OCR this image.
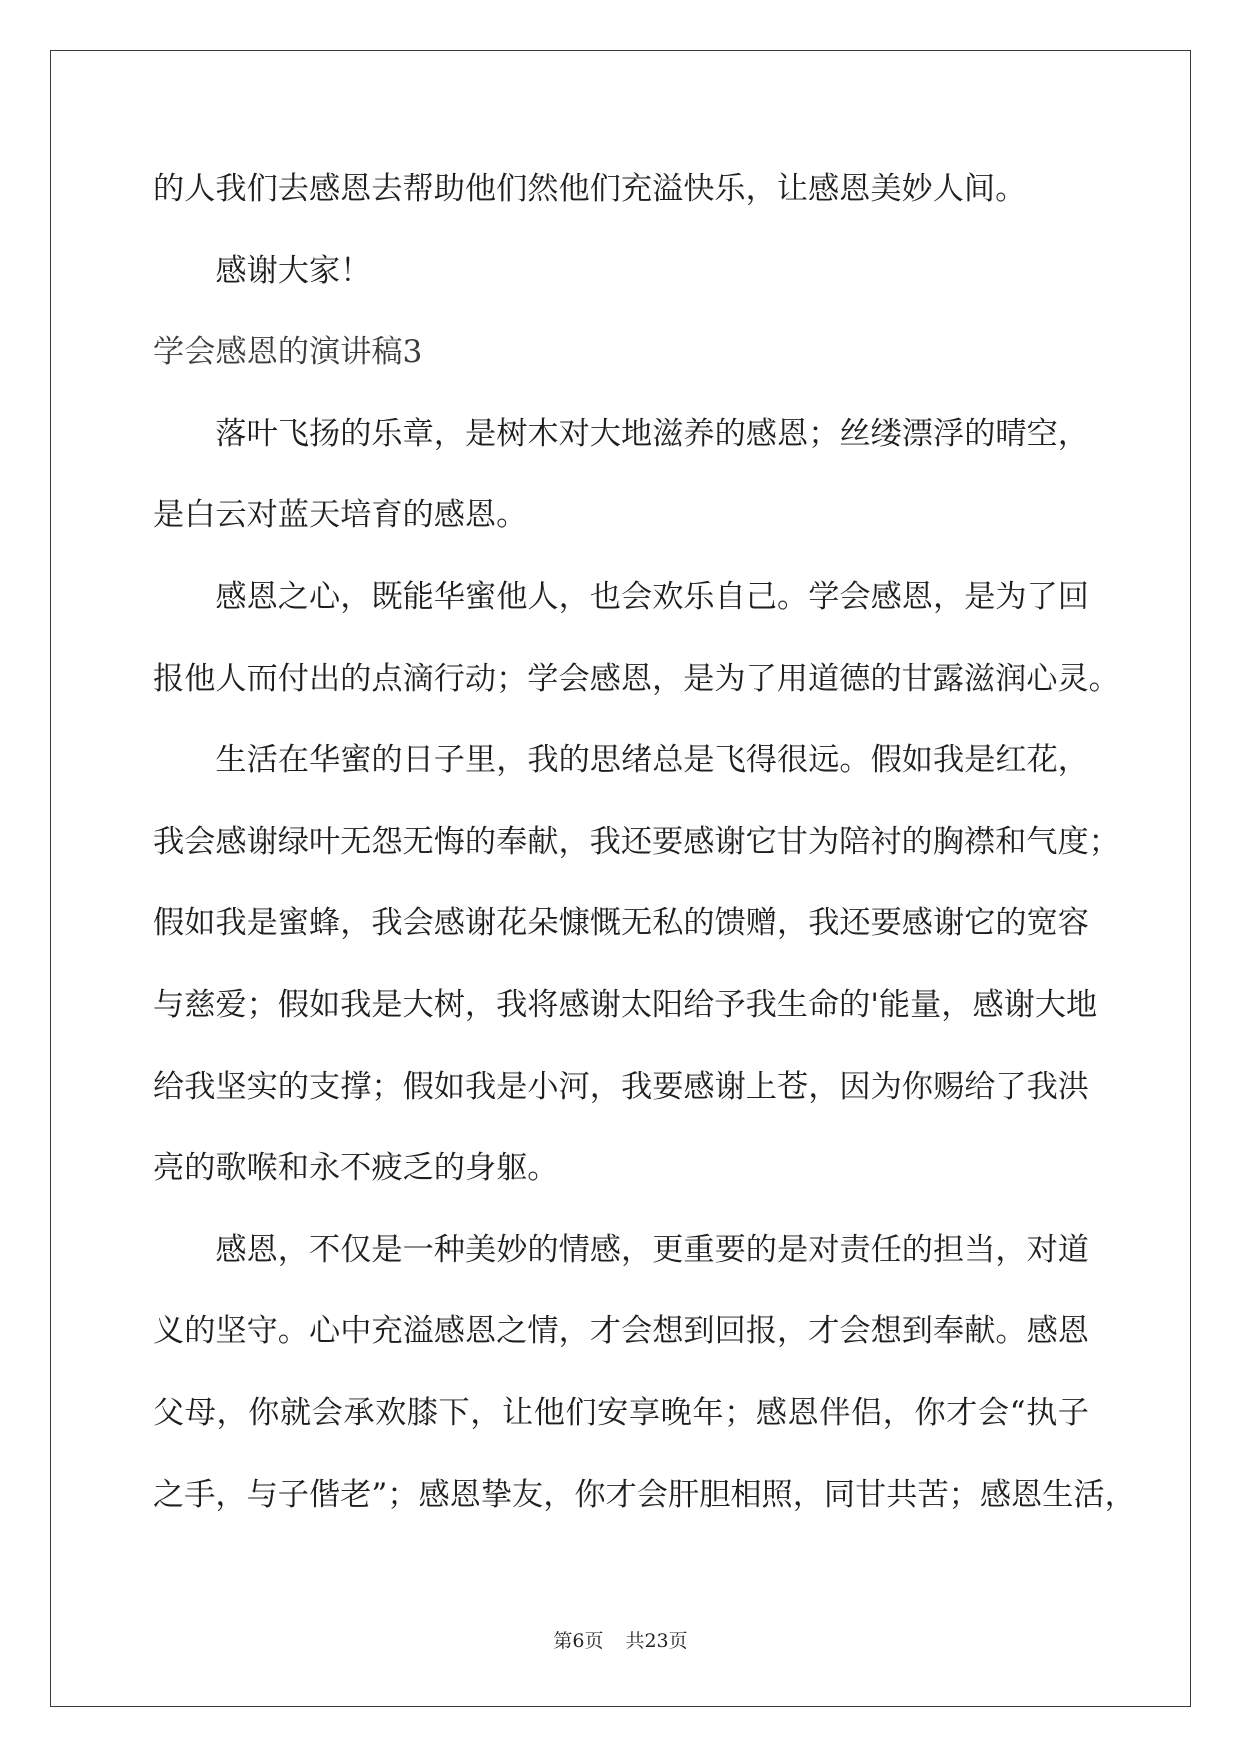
的人我们去感恩去帮助他们然他们充溢快乐，让感恩美妙人间。
感谢大家！
学会感恩的演讲稿3
落叶飞扬的乐章，是树木对大地滋养的感恩；丝缕漂浮的晴空，
是白云对蓝天培育的感恩。
感恩之心，既能华蜜他人，也会欢乐自己。学会感恩，是为了回
报他人而付出的点滴行动；学会感恩，是为了用道德的甘露滋润心灵。
生活在华蜜的日子里，我的思绪总是飞得很远。假如我是红花，
我会感谢绿叶无怨无悔的奉献，我还要感谢它甘为陪衬的胸襟和气度；
假如我是蜜蜂，我会感谢花朵慷慨无私的馈赠，我还要感谢它的宽容
与慈爱；假如我是大树，我将感谢太阳给予我生命的'能量，感谢大地
给我坚实的支撑；假如我是小河，我要感谢上苍，因为你赐给了我洪
亮的歌喉和永不疲乏的身躯。
感恩，不仅是一种美妙的情感，更重要的是对责任的担当，对道
义的坚守。心中充溢感恩之情，才会想到回报，才会想到奉献。感恩
父母，你就会承欢膝下，让他们安享晚年；感恩伴侣，你才会“执子
之手，与子偕老”；感恩挚友，你才会肝胆相照，同甘共苦；感恩生活，
第6页 共23页
